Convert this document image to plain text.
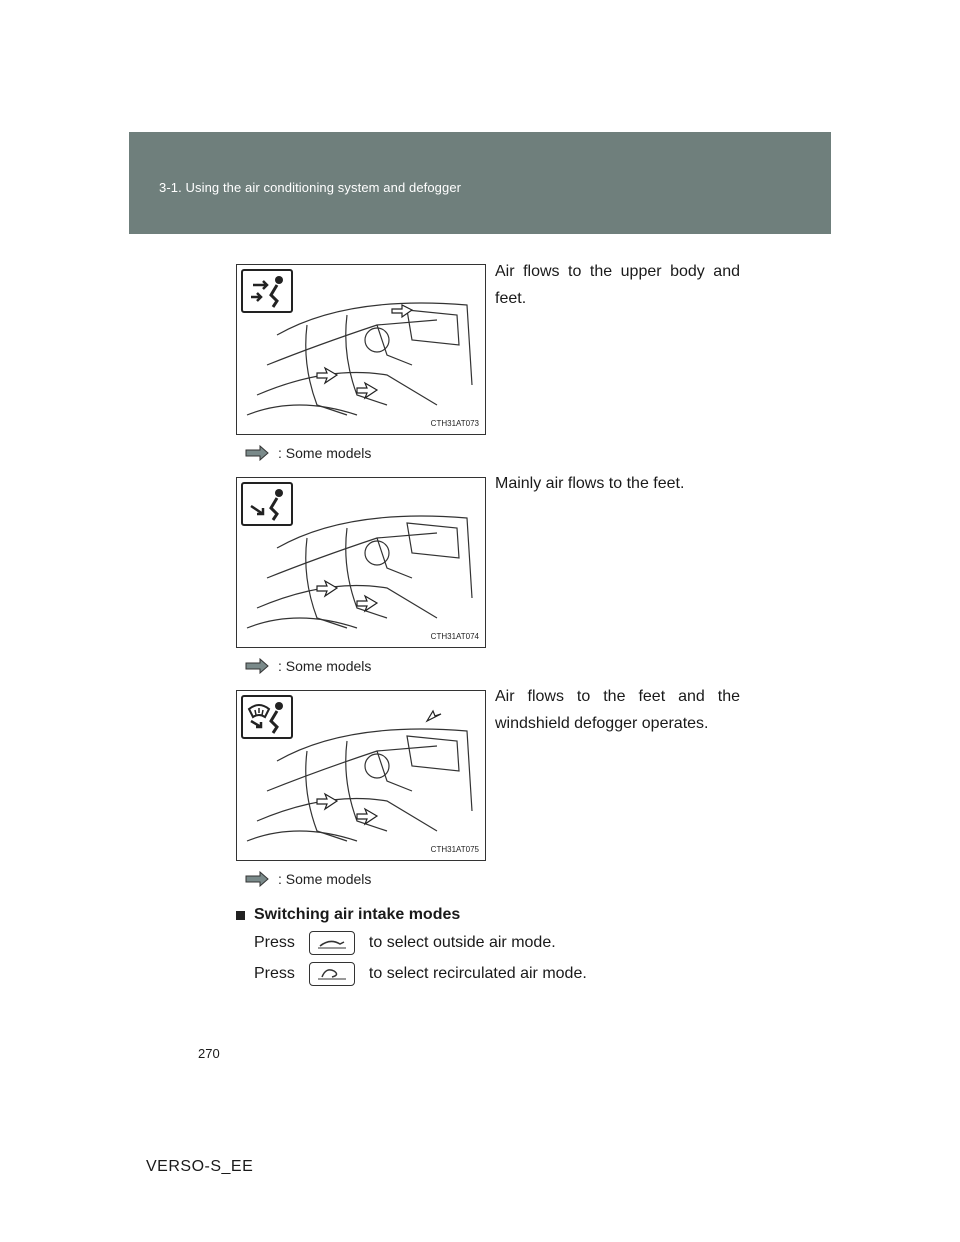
3-1. Using the air conditioning system and defogger
CTH31AT073
Air flows to the upper body and feet.
: Some models
CTH31AT074
Mainly air flows to the feet.
: Some models
CTH31AT075
Air flows to the feet and the windshield defogger operates.
: Some models
Switching air intake modes
Press	to select outside air mode.
Press	to select recirculated air mode.
270
VERSO-S_EE
